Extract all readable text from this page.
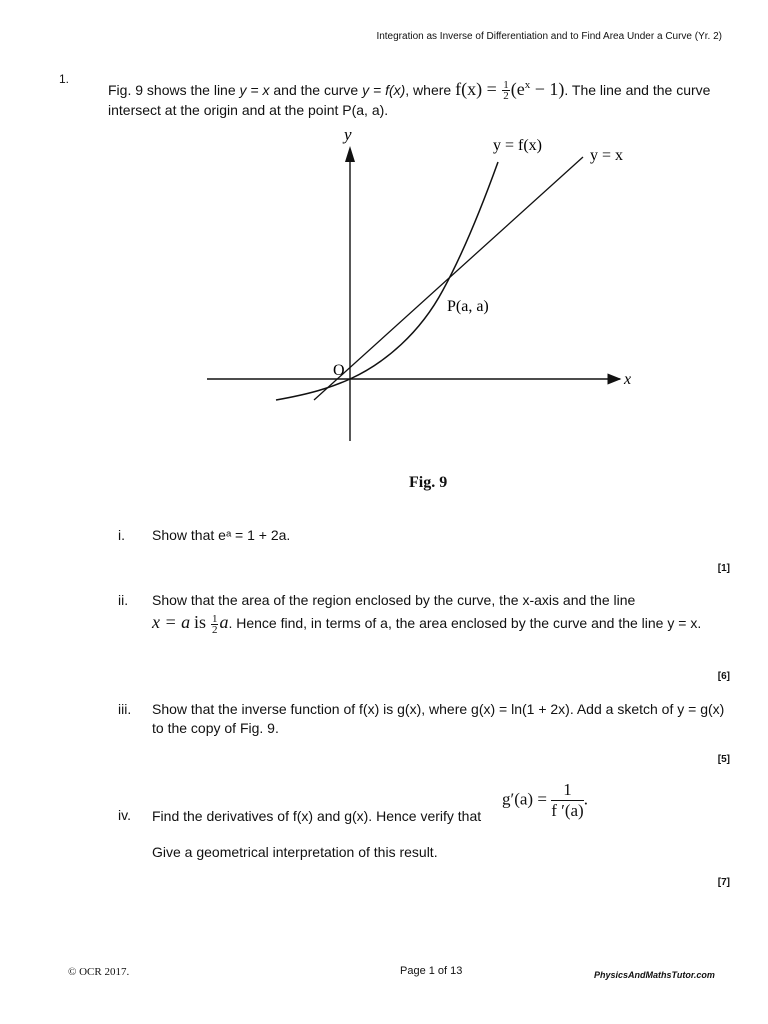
Integration as Inverse of Differentiation and to Find Area Under a Curve (Yr. 2)
1.
Fig. 9 shows the line y = x and the curve y = f(x), where $f(x) = \frac{1}{2} (e^x - 1)$. The line and the curve intersect at the origin and at the point P(a, a).
y
x
O
y = f(x)
y = x
P(a, a)
Fig. 9
i. Show that eᵃ = 1 + 2a.
[1]
ii. Show that the area of the region enclosed by the curve, the x-axis and the line
x = a is $\frac{1}{2} a$. Hence find, in terms of a, the area enclosed by the curve and the line y = x.
[6]
iii. Show that the inverse function of f(x) is g(x), where g(x) = ln(1 + 2x). Add a sketch of y = g(x) to the copy of Fig. 9.
[5]
iv. Find the derivatives of f(x) and g(x). Hence verify that
$g'(a) = \frac{1}{f '(a)}$ .
Give a geometrical interpretation of this result.
[7]
© OCR 2017.	Page 1 of 13	PhysicsAndMathsTutor.com
